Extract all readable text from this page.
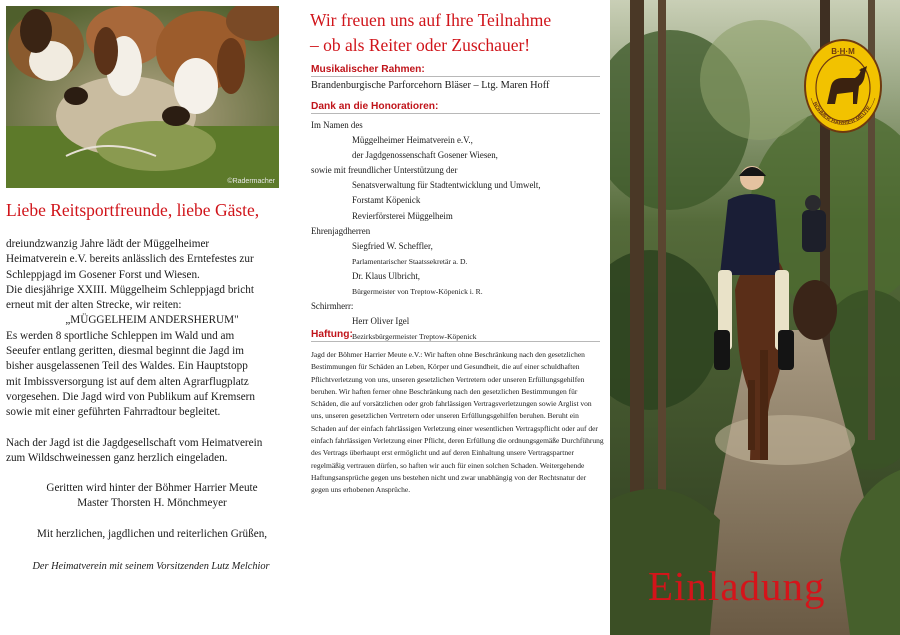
©Radermacher
Liebe Reitsportfreunde, liebe Gäste,

dreiundzwanzig Jahre lädt der Müggelheimer

Heimatverein e.V. bereits anlässlich des Erntefestes zur

Schleppjagd im Gosener Forst und Wiesen.

Die diesjährige XXIII. Müggelheim Schleppjagd bricht

erneut mit der alten Strecke, wir reiten:

„MÜGGELHEIM ANDERSHERUM"

Es werden 8 sportliche Schleppen im Wald und am

Seeufer entlang geritten, diesmal beginnt die Jagd im

bisher ausgelassenen Teil des Waldes. Ein Hauptstopp

mit Imbissversorgung ist auf dem alten Agrarflugplatz

vorgesehen. Die Jagd wird von Publikum auf Kremsern

sowie mit einer geführten Fahrradtour begleitet.

Nach der Jagd ist die Jagdgesellschaft vom Heimatverein

zum Wildschweinessen ganz herzlich eingeladen.

Geritten wird hinter der Böhmer Harrier Meute

Master Thorsten H. Mönchmeyer

Mit herzlichen, jagdlichen und reiterlichen Grüßen,

Der Heimatverein mit seinem Vorsitzenden Lutz Melchior
Wir freuen uns auf Ihre Teilnahme
– ob als Reiter oder Zuschauer!
Musikalischer Rahmen:
Brandenburgische Parforcehorn Bläser – Ltg. Maren Hoff
Dank an die Honoratioren:
Im Namen des
Müggelheimer Heimatverein e.V.,
der Jagdgenossenschaft Gosener Wiesen,
sowie mit freundlicher Unterstützung der
Senatsverwaltung für Stadtentwicklung und Umwelt,
Forstamt Köpenick
Revierförsterei Müggelheim
Ehrenjagdherren
Siegfried W. Scheffler,
Parlamentarischer Staatssekretär a. D.
Dr. Klaus Ulbricht,
Bürgermeister von Treptow-Köpenick i. R.
Schirmherr:
Herr Oliver Igel
Bezirksbürgermeister Treptow-Köpenick
Haftung:
Jagd der Böhmer Harrier Meute e.V.: Wir haften ohne Beschränkung nach den gesetzlichen Bestimmungen für Schäden an Leben, Körper und Gesundheit, die auf einer schuldhaften Pflichtverletzung von uns, unseren gesetzlichen Vertretern oder unseren Erfüllungsgehilfen beruhen. Wir haften ferner ohne Beschränkung nach den gesetzlichen Bestimmungen für Schäden, die auf vorsätzlichen oder grob fahrlässigen Vertragsverletzungen sowie Arglist von uns, unseren gesetzlichen Vertretern oder unseren Erfüllungsgehilfen beruhen. Beruht ein Schaden auf der einfach fahrlässigen Verletzung einer wesentlichen Vertragspflicht oder auf der einfach fahrlässigen Verletzung einer Pflicht, deren Erfüllung die ordnungsgemäße Durchführung des Vertrags überhaupt erst ermöglicht und auf deren Einhaltung unsere Vertragspartner regelmäßig vertrauen dürfen, so haften wir auch für einen solchen Schaden. Weitergehende Haftungsansprüche gegen uns bestehen nicht und zwar unabhängig von der Rechtsnatur der gegen uns erhobenen Ansprüche.
B·H·M
BÖHMER HARRIER MEUTE
Einladung
